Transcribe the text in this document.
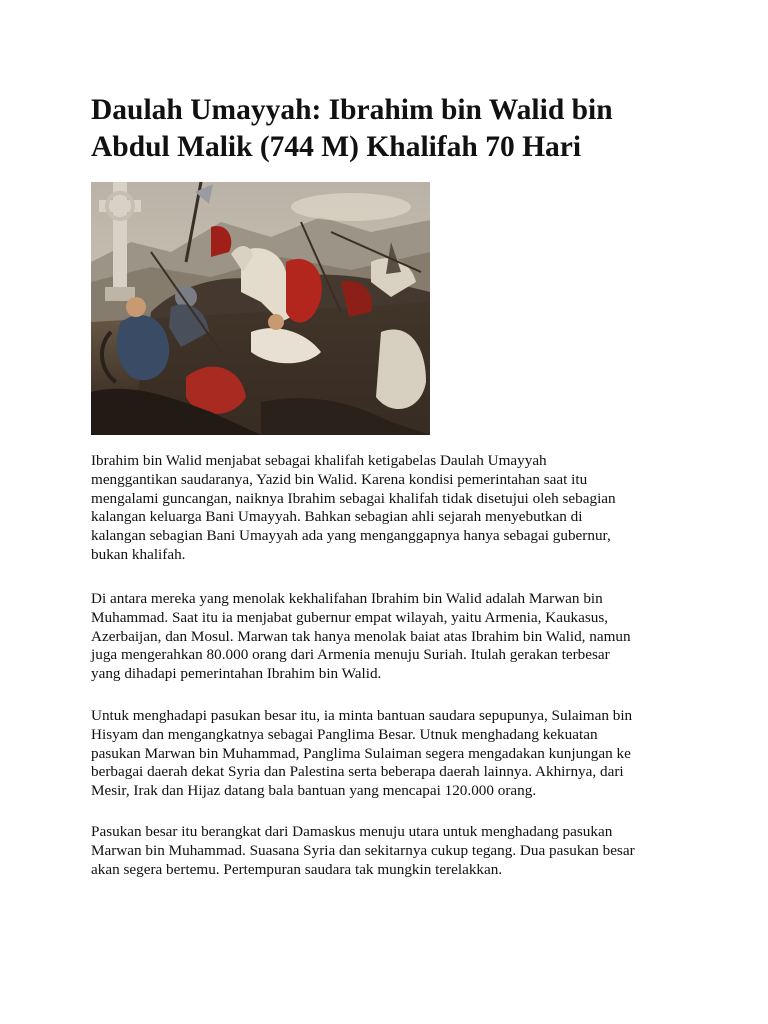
Daulah Umayyah: Ibrahim bin Walid bin
Abdul Malik (744 M) Khalifah 70 Hari

Ibrahim bin Walid menjabat sebagai khalifah ketigabelas Daulah Umayyah
menggantikan saudaranya, Yazid bin Walid. Karena kondisi pemerintahan saat itu
mengalami guncangan, naiknya Ibrahim sebagai khalifah tidak disetujui oleh sebagian
kalangan keluarga Bani Umayyah. Bahkan sebagian ahli sejarah menyebutkan di
kalangan sebagian Bani Umayyah ada yang menganggapnya hanya sebagai gubernur,
bukan khalifah.

Di antara mereka yang menolak kekhalifahan Ibrahim bin Walid adalah Marwan bin
Muhammad. Saat itu ia menjabat gubernur empat wilayah, yaitu Armenia, Kaukasus,
Azerbaijan, dan Mosul. Marwan tak hanya menolak baiat atas Ibrahim bin Walid, namun
juga mengerahkan 80.000 orang dari Armenia menuju Suriah. Itulah gerakan terbesar
yang dihadapi pemerintahan Ibrahim bin Walid.

Untuk menghadapi pasukan besar itu, ia minta bantuan saudara sepupunya, Sulaiman bin
Hisyam dan mengangkatnya sebagai Panglima Besar. Utnuk menghadang kekuatan
pasukan Marwan bin Muhammad, Panglima Sulaiman segera mengadakan kunjungan ke
berbagai daerah dekat Syria dan Palestina serta beberapa daerah lainnya. Akhirnya, dari
Mesir, Irak dan Hijaz datang bala bantuan yang mencapai 120.000 orang.

Pasukan besar itu berangkat dari Damaskus menuju utara untuk menghadang pasukan
Marwan bin Muhammad. Suasana Syria dan sekitarnya cukup tegang. Dua pasukan besar
akan segera bertemu. Pertempuran saudara tak mungkin terelakkan.
